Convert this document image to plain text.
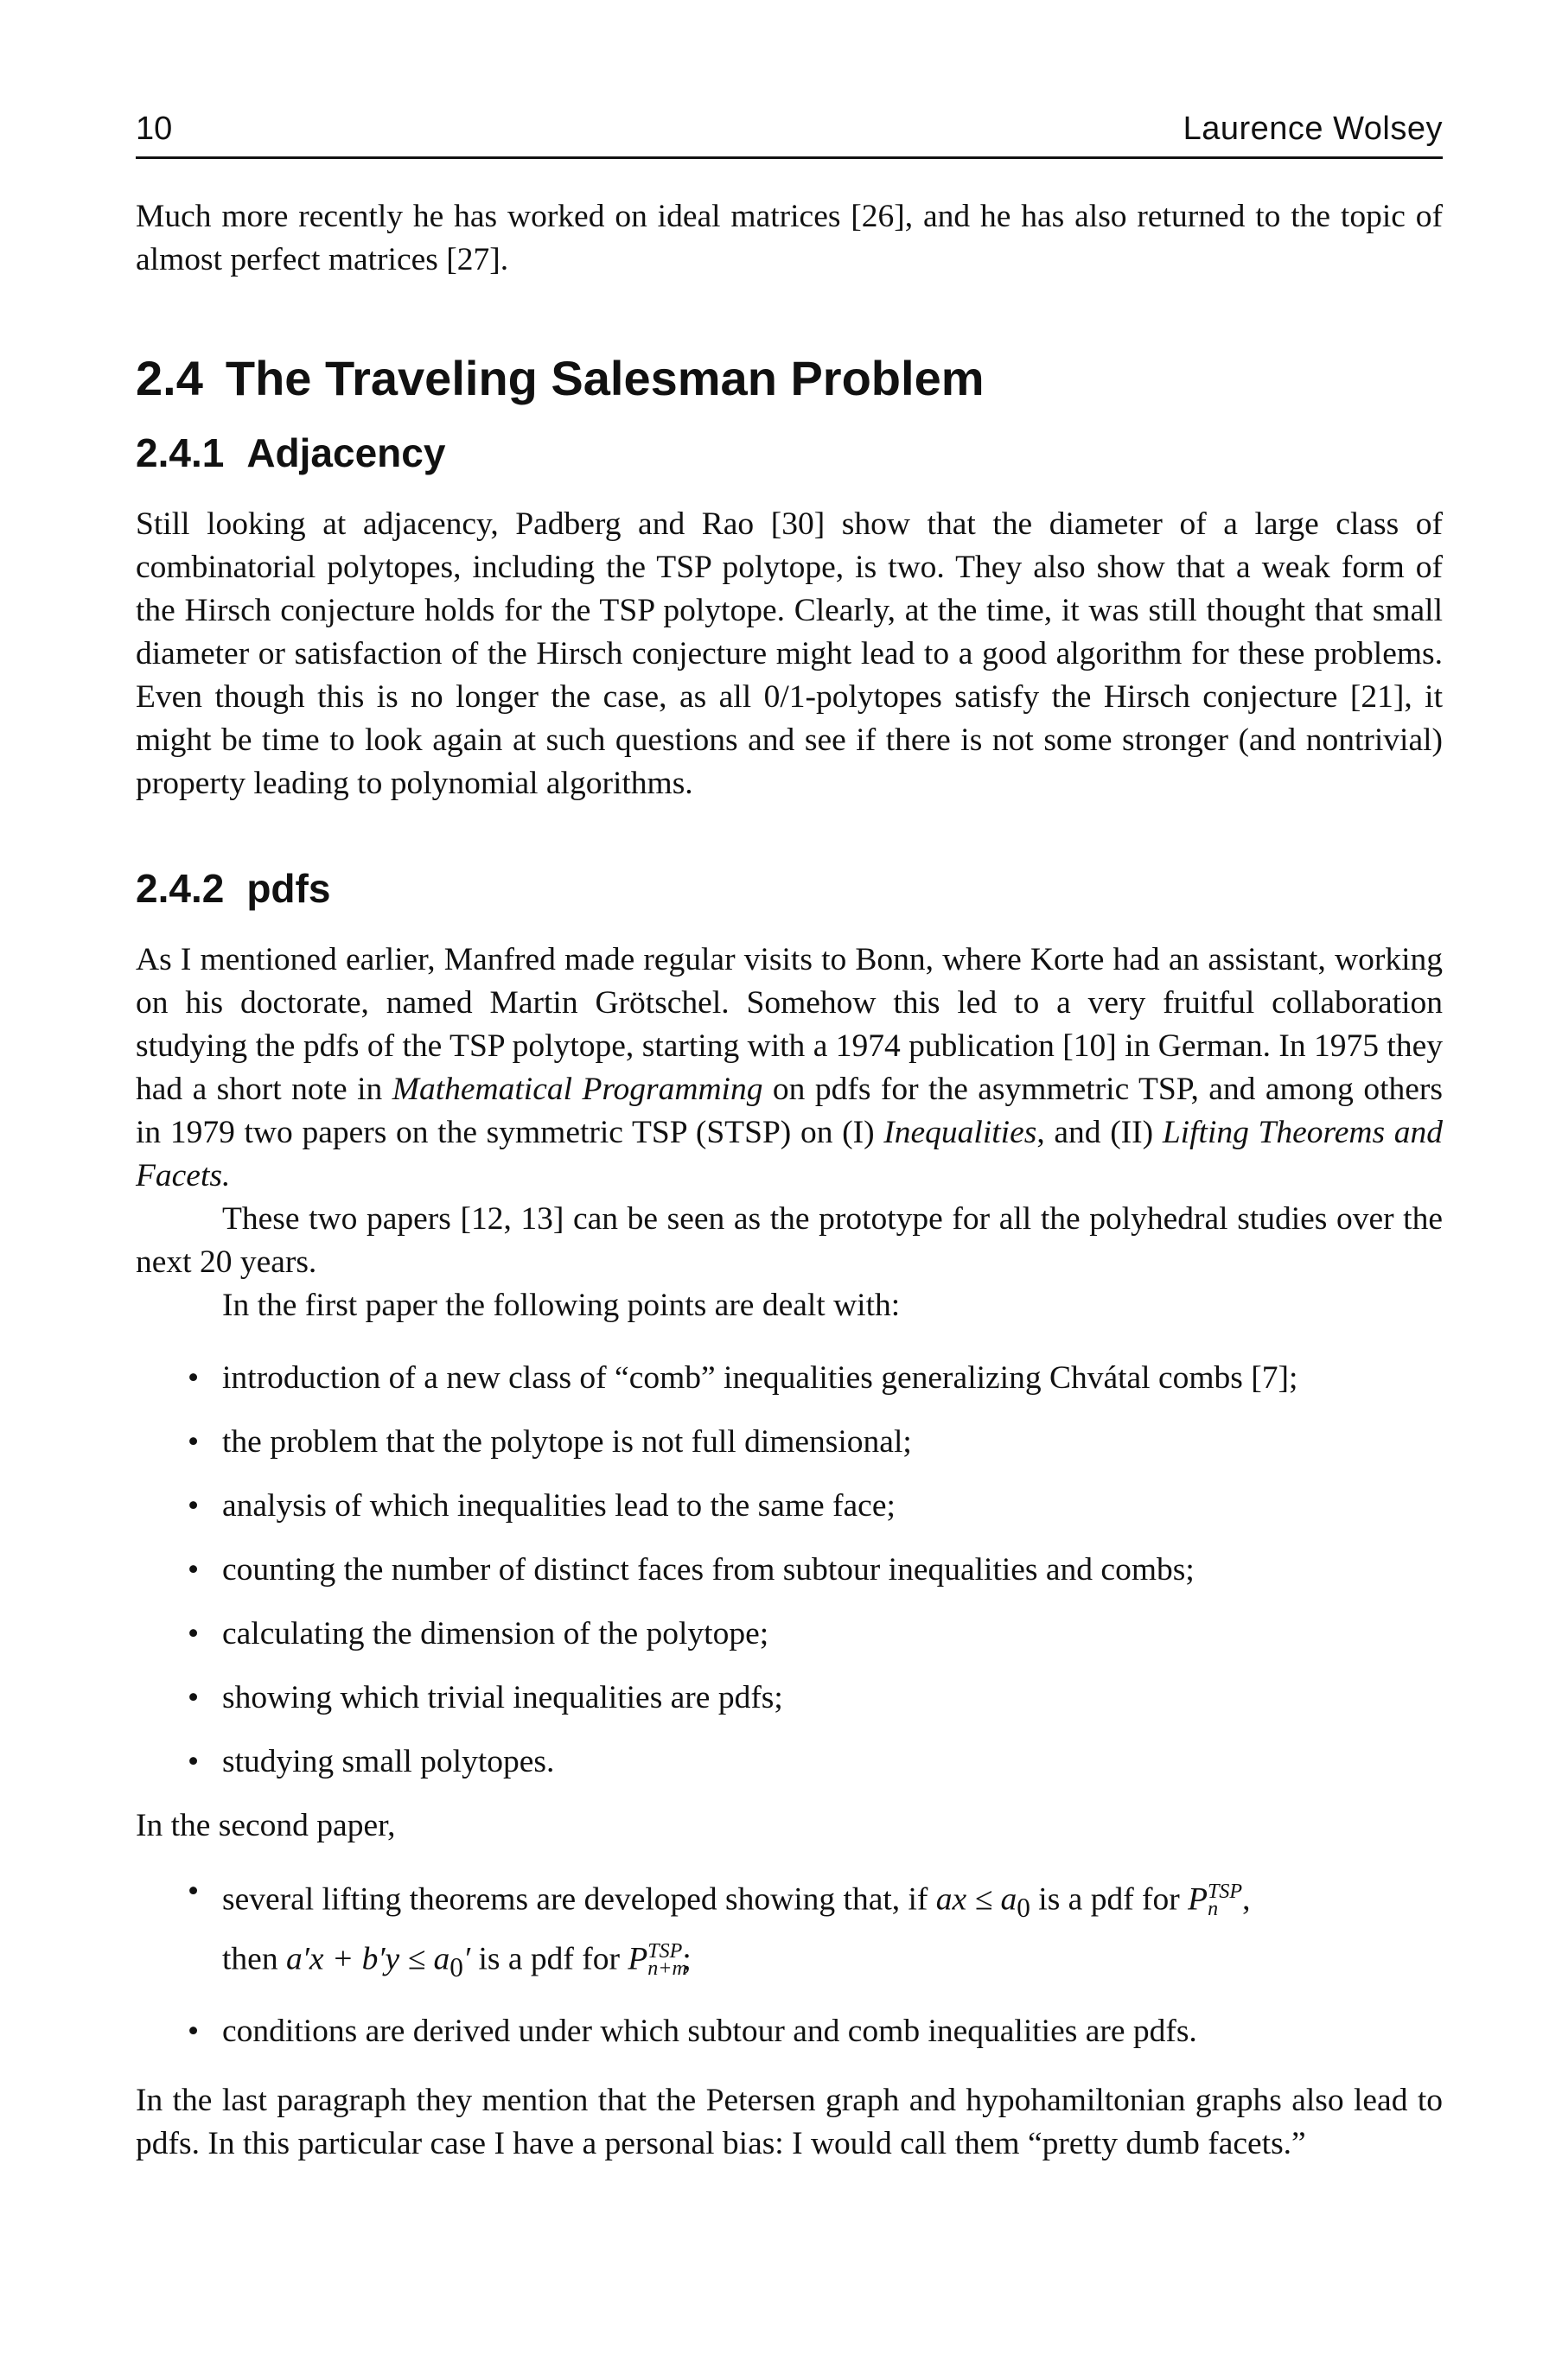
10	Laurence Wolsey

Much more recently he has worked on ideal matrices [26], and he has also returned to the topic of almost perfect matrices [27].

2.4 The Traveling Salesman Problem
2.4.1 Adjacency

Still looking at adjacency, Padberg and Rao [30] show that the diameter of a large class of combinatorial polytopes, including the TSP polytope, is two. They also show that a weak form of the Hirsch conjecture holds for the TSP polytope. Clearly, at the time, it was still thought that small diameter or satisfaction of the Hirsch conjecture might lead to a good algorithm for these problems. Even though this is no longer the case, as all 0/1-polytopes satisfy the Hirsch conjecture [21], it might be time to look again at such questions and see if there is not some stronger (and nontrivial) property leading to polynomial algorithms.

2.4.2 pdfs

As I mentioned earlier, Manfred made regular visits to Bonn, where Korte had an assistant, working on his doctorate, named Martin Grötschel. Somehow this led to a very fruitful collaboration studying the pdfs of the TSP polytope, starting with a 1974 publication [10] in German. In 1975 they had a short note in Mathematical Programming on pdfs for the asymmetric TSP, and among others in 1979 two papers on the symmetric TSP (STSP) on (I) Inequalities, and (II) Lifting Theorems and Facets.

These two papers [12, 13] can be seen as the prototype for all the polyhedral studies over the next 20 years.

In the first paper the following points are dealt with:

• introduction of a new class of “comb” inequalities generalizing Chvátal combs [7];
• the problem that the polytope is not full dimensional;
• analysis of which inequalities lead to the same face;
• counting the number of distinct faces from subtour inequalities and combs;
• calculating the dimension of the polytope;
• showing which trivial inequalities are pdfs;
• studying small polytopes.

In the second paper,

• several lifting theorems are developed showing that, if ax ≤ $a_0$ is a pdf for $P^{TSP}$
n ,
then $a'x + b'y \le a_0'$ is a pdf for $P^{TSP}$
n+m
;
• conditions are derived under which subtour and comb inequalities are pdfs.

In the last paragraph they mention that the Petersen graph and hypohamiltonian graphs also lead to pdfs. In this particular case I have a personal bias: I would call them “pretty dumb facets.”
